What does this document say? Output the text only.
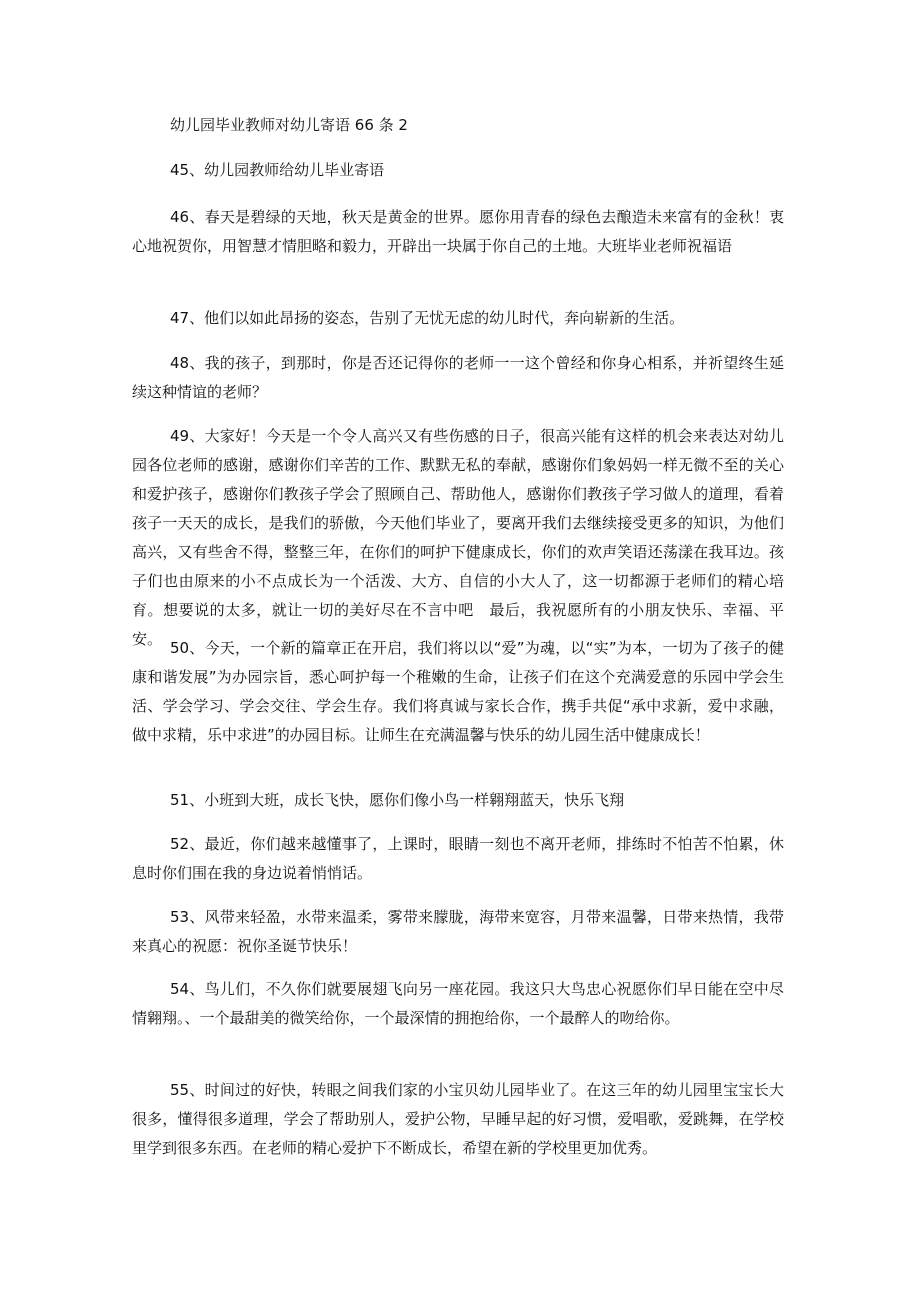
幼儿园毕业教师对幼儿寄语 66 条 2
45、幼儿园教师给幼儿毕业寄语

46、春天是碧绿的天地，秋天是黄金的世界。愿你用青春的绿色去酿造未来富有的金秋！衷心地祝贺你，用智慧才情胆略和毅力，开辟出一块属于你自己的土地。大班毕业老师祝福语

47、他们以如此昂扬的姿态，告别了无忧无虑的幼儿时代，奔向崭新的生活。

48、我的孩子，到那时，你是否还记得你的老师一一这个曾经和你身心相系，并祈望终生延续这种情谊的老师？

49、大家好！今天是一个令人高兴又有些伤感的日子，很高兴能有这样的机会来表达对幼儿园各位老师的感谢，感谢你们辛苦的工作、默默无私的奉献，感谢你们象妈妈一样无微不至的关心和爱护孩子，感谢你们教孩子学会了照顾自己、帮助他人，感谢你们教孩子学习做人的道理，看着孩子一天天的成长，是我们的骄傲，今天他们毕业了，要离开我们去继续接受更多的知识，为他们高兴，又有些舍不得，整整三年，在你们的呵护下健康成长，你们的欢声笑语还荡漾在我耳边。孩子们也由原来的小不点成长为一个活泼、大方、自信的小大人了，这一切都源于老师们的精心培育。想要说的太多，就让一切的美好尽在不言中吧　最后，我祝愿所有的小朋友快乐、幸福、平安。 50、今天，一个新的篇章正在开启，我们将以以“爱”为魂，以“实”为本，一切为了孩子的健康和谐发展”为办园宗旨，悉心呵护每一个稚嫩的生命，让孩子们在这个充满爱意的乐园中学会生活、学会学习、学会交往、学会生存。我们将真诚与家长合作，携手共促“承中求新，爱中求融，做中求精，乐中求进”的办园目标。让师生在充满温馨与快乐的幼儿园生活中健康成长！

51、小班到大班，成长飞快，愿你们像小鸟一样翱翔蓝天，快乐飞翔

52、最近，你们越来越懂事了，上课时，眼睛一刻也不离开老师，排练时不怕苦不怕累，休息时你们围在我的身边说着悄悄话。

53、风带来轻盈，水带来温柔，雾带来朦胧，海带来宽容，月带来温馨，日带来热情，我带来真心的祝愿：祝你圣诞节快乐！

54、鸟儿们，不久你们就要展翅飞向另一座花园。我这只大鸟忠心祝愿你们早日能在空中尽情翱翔。、一个最甜美的微笑给你，一个最深情的拥抱给你，一个最醉人的吻给你。

55、时间过的好快，转眼之间我们家的小宝贝幼儿园毕业了。在这三年的幼儿园里宝宝长大很多，懂得很多道理，学会了帮助别人，爱护公物，早睡早起的好习惯，爱唱歌，爱跳舞，在学校里学到很多东西。在老师的精心爱护下不断成长，希望在新的学校里更加优秀。
